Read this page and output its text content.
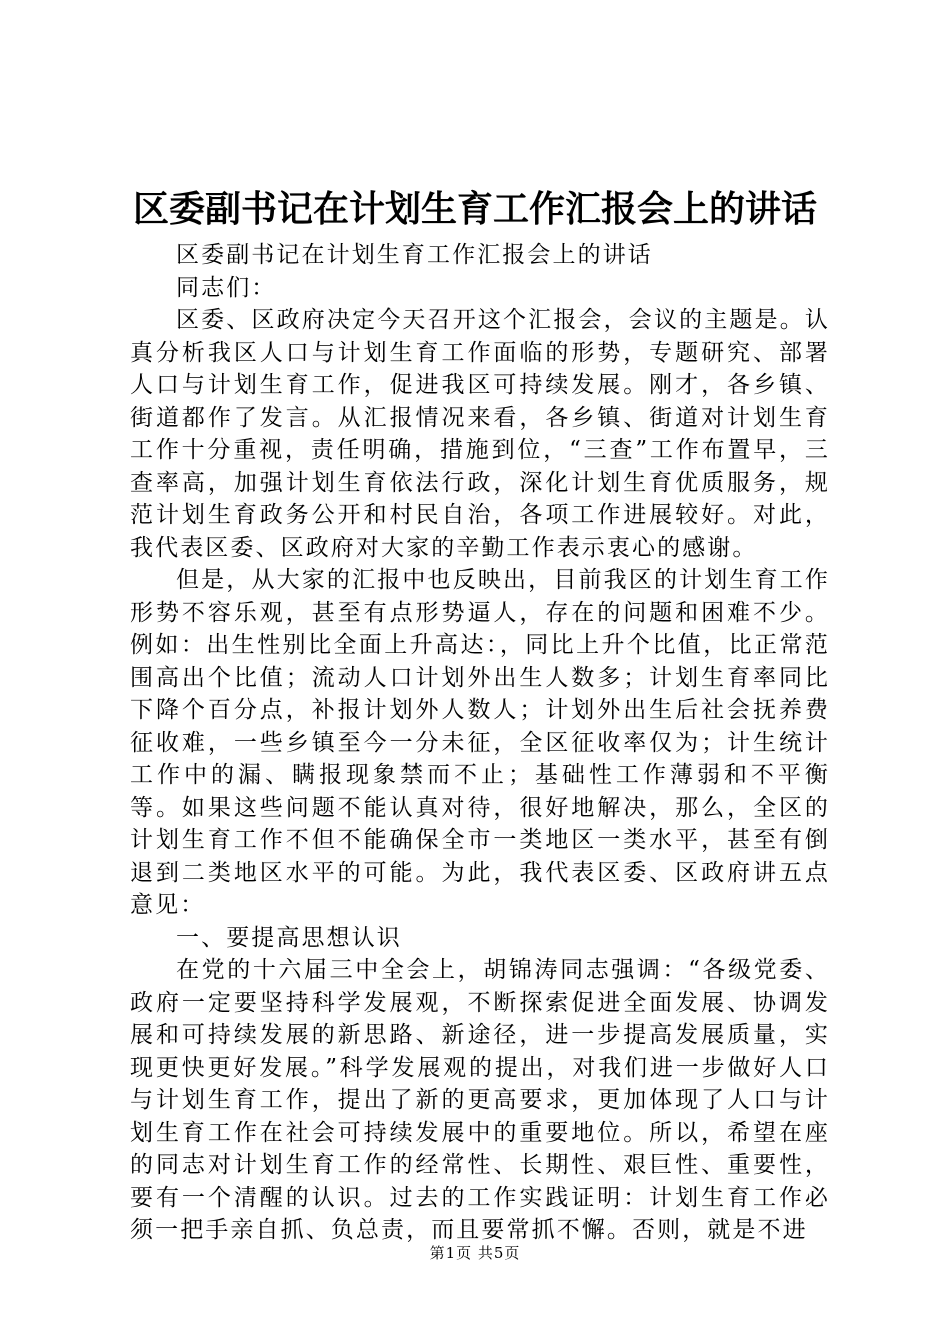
区委副书记在计划生育工作汇报会上的讲话

区委副书记在计划生育工作汇报会上的讲话

同志们：

区委、区政府决定今天召开这个汇报会，会议的主题是。认真分析我区人口与计划生育工作面临的形势，专题研究、部署人口与计划生育工作，促进我区可持续发展。刚才，各乡镇、街道都作了发言。从汇报情况来看，各乡镇、街道对计划生育工作十分重视，责任明确，措施到位，“三查”工作布置早，三查率高，加强计划生育依法行政，深化计划生育优质服务，规范计划生育政务公开和村民自治，各项工作进展较好。对此，我代表区委、区政府对大家的辛勤工作表示衷心的感谢。

但是，从大家的汇报中也反映出，目前我区的计划生育工作形势不容乐观，甚至有点形势逼人，存在的问题和困难不少。例如：出生性别比全面上升高达：，同比上升个比值，比正常范围高出个比值；流动人口计划外出生人数多；计划生育率同比下降个百分点，补报计划外人数人；计划外出生后社会抚养费征收难，一些乡镇至今一分未征，全区征收率仅为；计生统计工作中的漏、瞒报现象禁而不止；基础性工作薄弱和不平衡等。如果这些问题不能认真对待，很好地解决，那么，全区的计划生育工作不但不能确保全市一类地区一类水平，甚至有倒退到二类地区水平的可能。为此，我代表区委、区政府讲五点意见：

一、要提高思想认识

在党的十六届三中全会上，胡锦涛同志强调：“各级党委、政府一定要坚持科学发展观，不断探索促进全面发展、协调发展和可持续发展的新思路、新途径，进一步提高发展质量，实现更快更好发展。”科学发展观的提出，对我们进一步做好人口与计划生育工作，提出了新的更高要求，更加体现了人口与计划生育工作在社会可持续发展中的重要地位。所以，希望在座的同志对计划生育工作的经常性、长期性、艰巨性、重要性，要有一个清醒的认识。过去的工作实践证明：计划生育工作必须一把手亲自抓、负总责，而且要常抓不懈。否则，就是不进

第1页 共5页
